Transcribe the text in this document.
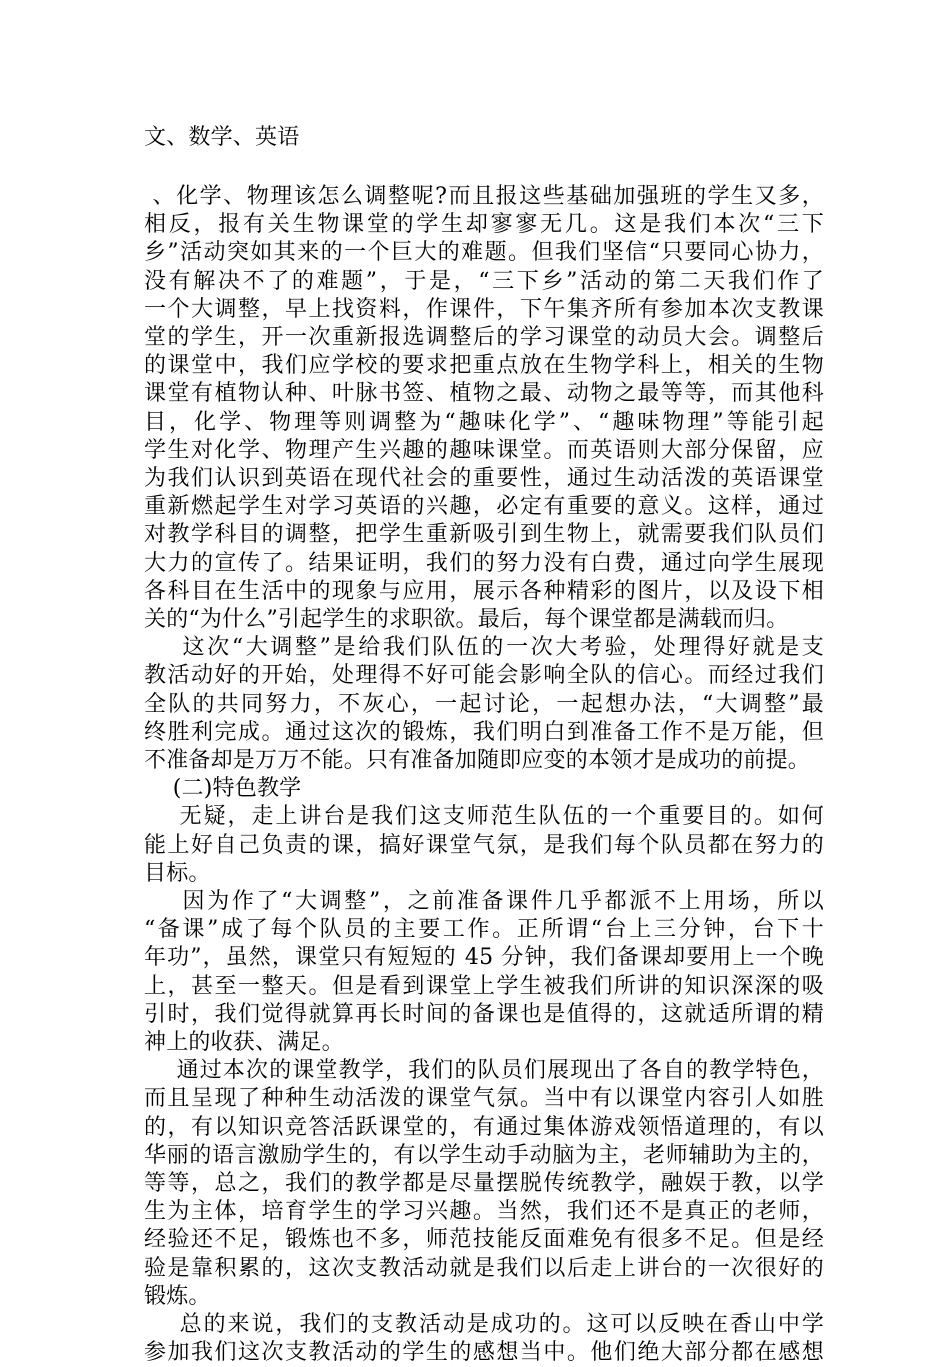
文、数学、英语
、化学、物理该怎么调整呢?而且报这些基础加强班的学生又多，
相反，报有关生物课堂的学生却寥寥无几。这是我们本次“三下
乡”活动突如其来的一个巨大的难题。但我们坚信“只要同心协力，
没有解决不了的难题”，于是，“三下乡”活动的第二天我们作了
一个大调整，早上找资料，作课件，下午集齐所有参加本次支教课
堂的学生，开一次重新报选调整后的学习课堂的动员大会。调整后
的课堂中，我们应学校的要求把重点放在生物学科上，相关的生物
课堂有植物认种、叶脉书签、植物之最、动物之最等等，而其他科
目，化学、物理等则调整为“趣味化学”、“趣味物理”等能引起
学生对化学、物理产生兴趣的趣味课堂。而英语则大部分保留，应
为我们认识到英语在现代社会的重要性，通过生动活泼的英语课堂
重新燃起学生对学习英语的兴趣，必定有重要的意义。这样，通过
对教学科目的调整，把学生重新吸引到生物上，就需要我们队员们
大力的宣传了。结果证明，我们的努力没有白费，通过向学生展现
各科目在生活中的现象与应用，展示各种精彩的图片，以及设下相
关的“为什么”引起学生的求职欲。最后，每个课堂都是满载而归。
这次“大调整”是给我们队伍的一次大考验，处理得好就是支
教活动好的开始，处理得不好可能会影响全队的信心。而经过我们
全队的共同努力，不灰心，一起讨论，一起想办法，“大调整”最
终胜利完成。通过这次的锻炼，我们明白到准备工作不是万能，但
不准备却是万万不能。只有准备加随即应变的本领才是成功的前提。
(二)特色教学
无疑，走上讲台是我们这支师范生队伍的一个重要目的。如何
能上好自己负责的课，搞好课堂气氛，是我们每个队员都在努力的
目标。
因为作了“大调整”，之前准备课件几乎都派不上用场，所以
“备课”成了每个队员的主要工作。正所谓“台上三分钟，台下十
年功”，虽然，课堂只有短短的 45 分钟，我们备课却要用上一个晚
上，甚至一整天。但是看到课堂上学生被我们所讲的知识深深的吸
引时，我们觉得就算再长时间的备课也是值得的，这就适所谓的精
神上的收获、满足。
通过本次的课堂教学，我们的队员们展现出了各自的教学特色，
而且呈现了种种生动活泼的课堂气氛。当中有以课堂内容引人如胜
的，有以知识竞答活跃课堂的，有通过集体游戏领悟道理的，有以
华丽的语言激励学生的，有以学生动手动脑为主，老师辅助为主的，
等等，总之，我们的教学都是尽量摆脱传统教学，融娱于教，以学
生为主体，培育学生的学习兴趣。当然，我们还不是真正的老师，
经验还不足，锻炼也不多，师范技能反面难免有很多不足。但是经
验是靠积累的，这次支教活动就是我们以后走上讲台的一次很好的
锻炼。
总的来说，我们的支教活动是成功的。这可以反映在香山中学
参加我们这次支教活动的学生的感想当中。他们绝大部分都在感想
